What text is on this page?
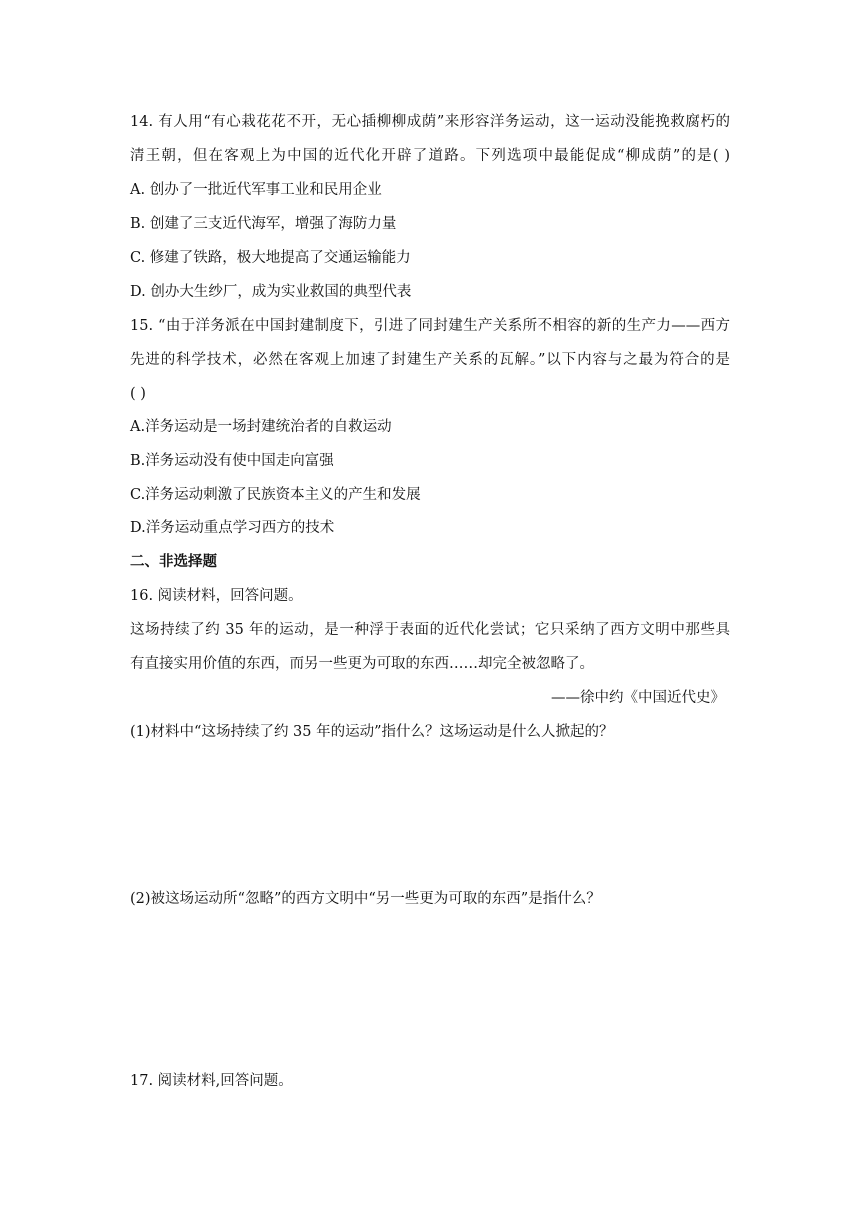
14. 有人用“有心栽花花不开，无心插柳柳成荫”来形容洋务运动，这一运动没能挽救腐朽的
清王朝，但在客观上为中国的近代化开辟了道路。下列选项中最能促成“柳成荫”的是( )
A. 创办了一批近代军事工业和民用企业
B. 创建了三支近代海军，增强了海防力量
C. 修建了铁路，极大地提高了交通运输能力
D. 创办大生纱厂，成为实业救国的典型代表
15. “由于洋务派在中国封建制度下，引进了同封建生产关系所不相容的新的生产力——西方
先进的科学技术，必然在客观上加速了封建生产关系的瓦解。”以下内容与之最为符合的是
( )
A.洋务运动是一场封建统治者的自救运动
B.洋务运动没有使中国走向富强
C.洋务运动刺激了民族资本主义的产生和发展
D.洋务运动重点学习西方的技术
二、非选择题
16. 阅读材料，回答问题。
这场持续了约 35 年的运动，是一种浮于表面的近代化尝试；它只采纳了西方文明中那些具
有直接实用价值的东西，而另一些更为可取的东西……却完全被忽略了。
——徐中约《中国近代史》
(1)材料中“这场持续了约 35 年的运动”指什么？这场运动是什么人掀起的？
(2)被这场运动所“忽略”的西方文明中“另一些更为可取的东西”是指什么？
17. 阅读材料,回答问题。
